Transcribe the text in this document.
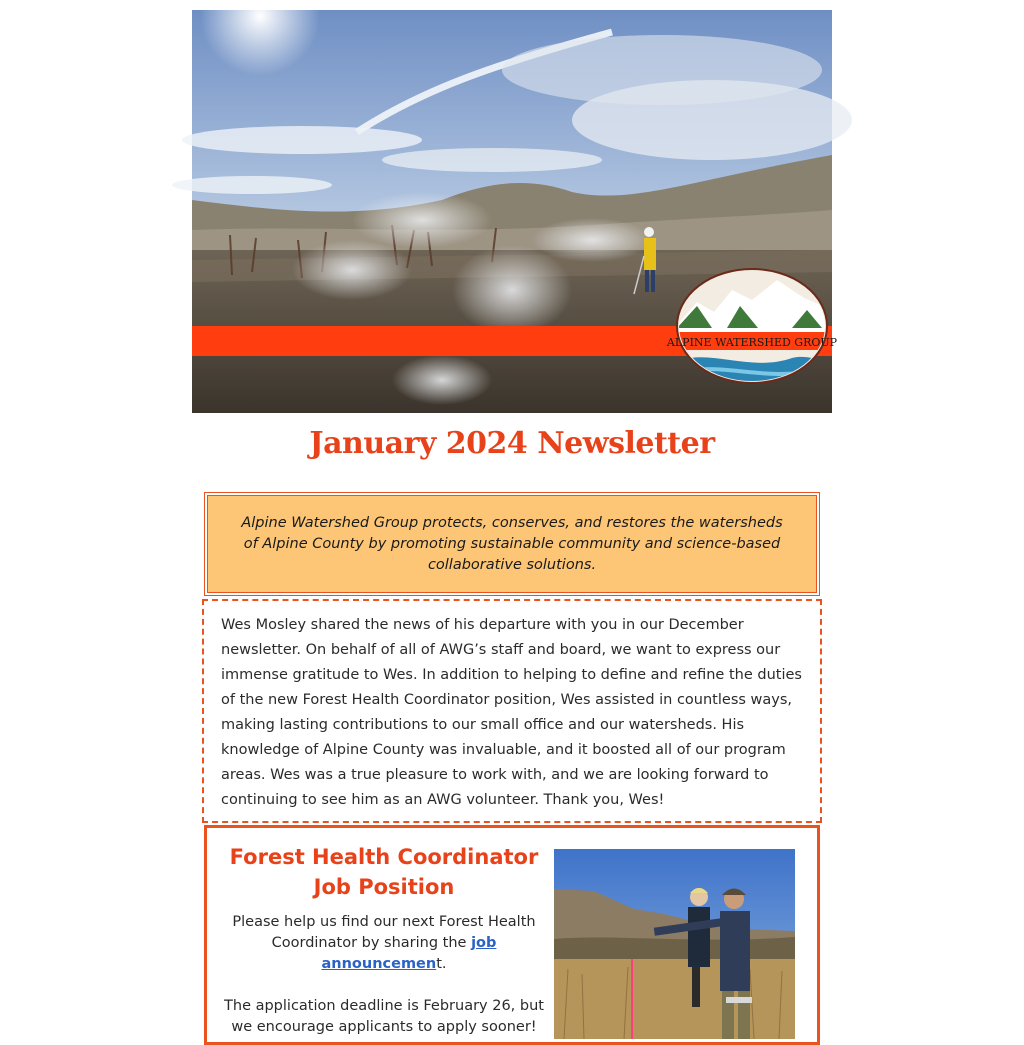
ALPINE WATERSHED GROUP
January 2024 Newsletter

Alpine Watershed Group protects, conserves, and restores the watersheds of Alpine County by promoting sustainable community and science-based collaborative solutions.

Wes Mosley shared the news of his departure with you in our December newsletter. On behalf of all of AWG’s staff and board, we want to express our immense gratitude to Wes. In addition to helping to define and refine the duties of the new Forest Health Coordinator position, Wes assisted in countless ways, making lasting contributions to our small office and our watersheds. His knowledge of Alpine County was invaluable, and it boosted all of our program areas. Wes was a true pleasure to work with, and we are looking forward to continuing to see him as an AWG volunteer. Thank you, Wes!

Forest Health Coordinator Job Position

Please help us find our next Forest Health Coordinator by sharing the job announcement.

The application deadline is February 26, but we encourage applicants to apply sooner!
